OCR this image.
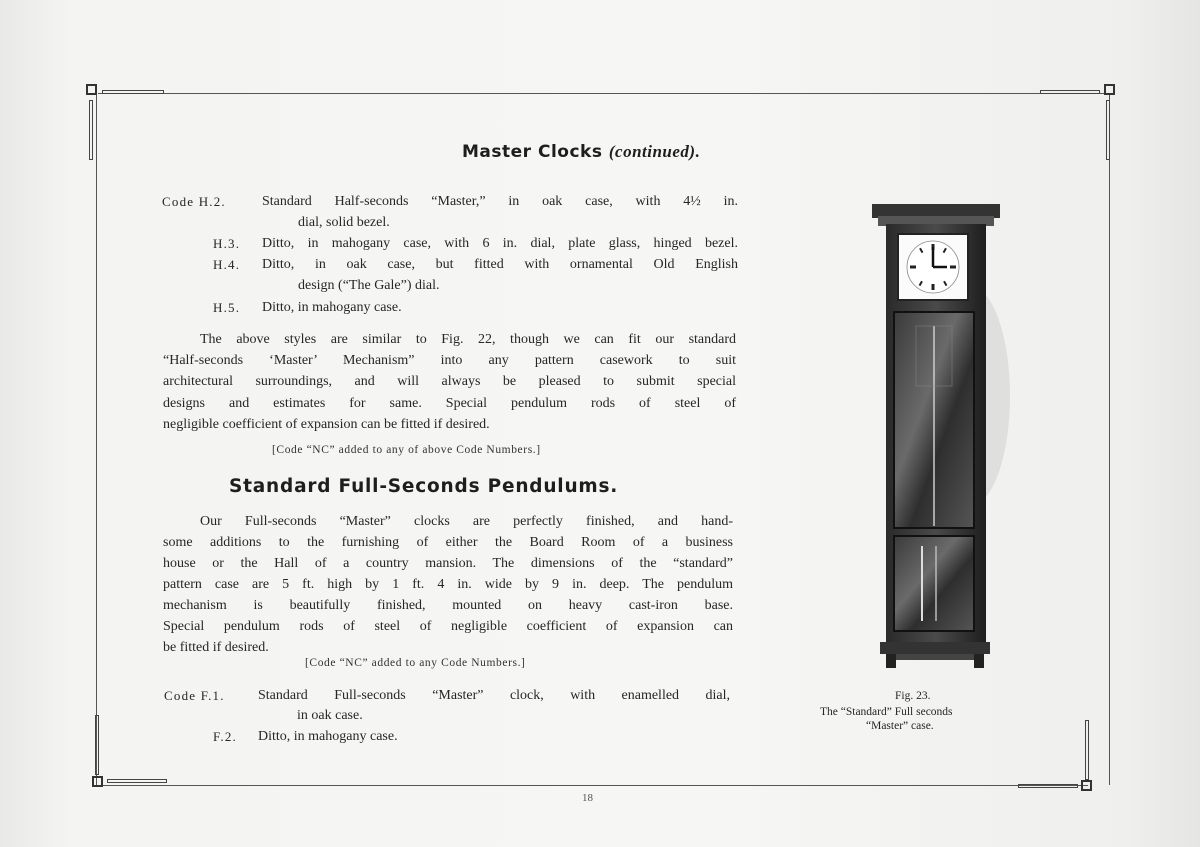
Master Clocks (continued).
Code H.2.	Standard Half-seconds “Master,” in oak case, with 4½ in.
dial, solid bezel.
H.3. Ditto, in mahogany case, with 6 in. dial, plate glass, hinged bezel.
H.4. Ditto, in oak case, but fitted with ornamental Old English
design (“The Gale”) dial.
H.5. Ditto, in mahogany case.
The above styles are similar to Fig. 22, though we can fit our standard
“Half-seconds ‘Master’ Mechanism” into any pattern casework to suit
architectural surroundings, and will always be pleased to submit special
designs and estimates for same. Special pendulum rods of steel of
negligible coefficient of expansion can be fitted if desired.
[Code “NC” added to any of above Code Numbers.]
Standard Full-Seconds Pendulums.
Our Full-seconds “Master” clocks are perfectly finished, and hand-
some additions to the furnishing of either the Board Room of a business
house or the Hall of a country mansion. The dimensions of the “standard”
pattern case are 5 ft. high by 1 ft. 4 in. wide by 9 in. deep. The pendulum
mechanism is beautifully finished, mounted on heavy cast-iron base.
Special pendulum rods of steel of negligible coefficient of expansion can
be fitted if desired.
[Code “NC” added to any Code Numbers.]
Code F.1. Standard Full-seconds “Master” clock, with enamelled dial,
in oak case.
F.2. Ditto, in mahogany case.
Fig. 23.
The “Standard” Full seconds
“Master” case.
18
